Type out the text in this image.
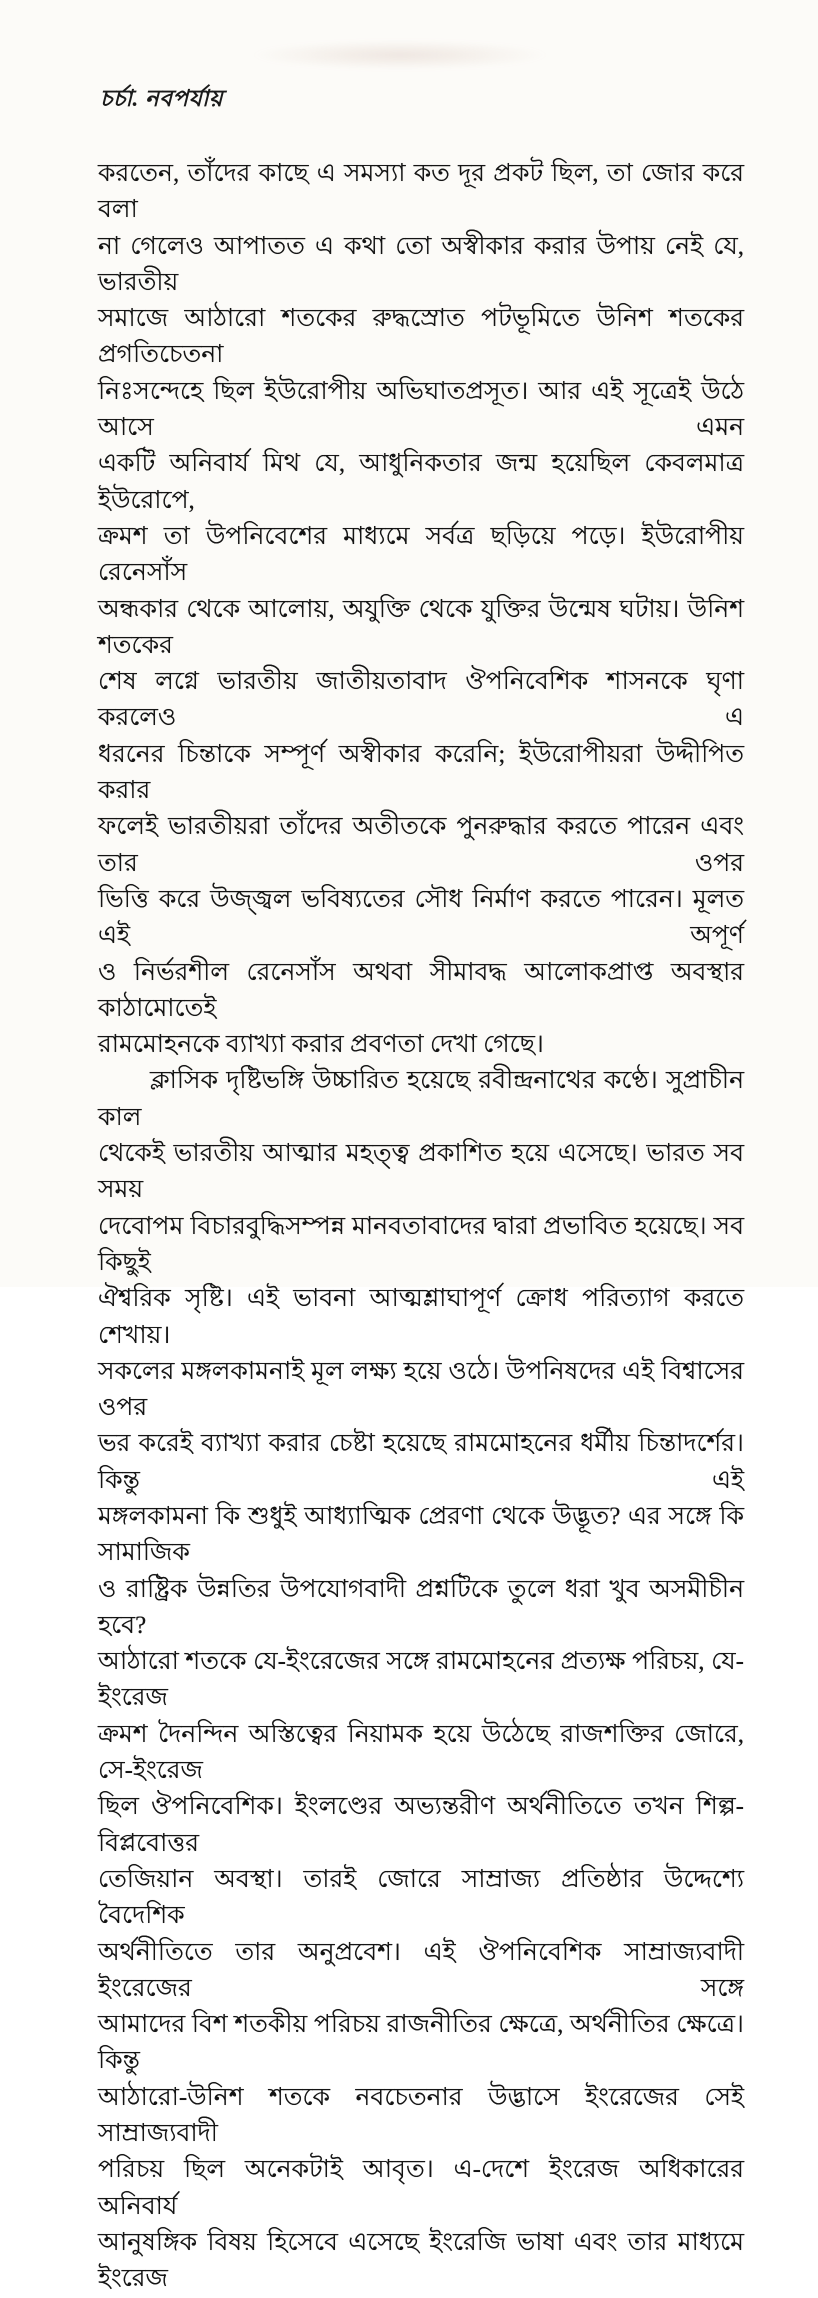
চর্চা. নবপর্যায়
করতেন, তাঁদের কাছে এ সমস্যা কত দূর প্রকট ছিল, তা জোর করে বলা
না গেলেও আপাতত এ কথা তো অস্বীকার করার উপায় নেই যে, ভারতীয়
সমাজে আঠারো শতকের রুদ্ধস্রোত পটভূমিতে উনিশ শতকের প্রগতিচেতনা
নিঃসন্দেহে ছিল ইউরোপীয় অভিঘাতপ্রসূত। আর এই সূত্রেই উঠে আসে এমন
একটি অনিবার্য মিথ যে, আধুনিকতার জন্ম হয়েছিল কেবলমাত্র ইউরোপে,
ক্রমশ তা উপনিবেশের মাধ্যমে সর্বত্র ছড়িয়ে পড়ে। ইউরোপীয় রেনেসাঁস
অন্ধকার থেকে আলোয়, অযুক্তি থেকে যুক্তির উন্মেষ ঘটায়। উনিশ শতকের
শেষ লগ্নে ভারতীয় জাতীয়তাবাদ ঔপনিবেশিক শাসনকে ঘৃণা করলেও এ
ধরনের চিন্তাকে সম্পূর্ণ অস্বীকার করেনি; ইউরোপীয়রা উদ্দীপিত করার
ফলেই ভারতীয়রা তাঁদের অতীতকে পুনরুদ্ধার করতে পারেন এবং তার ওপর
ভিত্তি করে উজ্জ্বল ভবিষ্যতের সৌধ নির্মাণ করতে পারেন। মূলত এই অপূর্ণ
ও নির্ভরশীল রেনেসাঁস অথবা সীমাবদ্ধ আলোকপ্রাপ্ত অবস্থার কাঠামোতেই
রামমোহনকে ব্যাখ্যা করার প্রবণতা দেখা গেছে।
ক্লাসিক দৃষ্টিভঙ্গি উচ্চারিত হয়েছে রবীন্দ্রনাথের কণ্ঠে। সুপ্রাচীন কাল
থেকেই ভারতীয় আত্মার মহত্ত্ব প্রকাশিত হয়ে এসেছে। ভারত সব সময়
দেবোপম বিচারবুদ্ধিসম্পন্ন মানবতাবাদের দ্বারা প্রভাবিত হয়েছে। সব কিছুই
ঐশ্বরিক সৃষ্টি। এই ভাবনা আত্মশ্লাঘাপূর্ণ ক্রোধ পরিত্যাগ করতে শেখায়।
সকলের মঙ্গলকামনাই মূল লক্ষ্য হয়ে ওঠে। উপনিষদের এই বিশ্বাসের ওপর
ভর করেই ব্যাখ্যা করার চেষ্টা হয়েছে রামমোহনের ধর্মীয় চিন্তাদর্শের। কিন্তু এই
মঙ্গলকামনা কি শুধুই আধ্যাত্মিক প্রেরণা থেকে উদ্ভূত? এর সঙ্গে কি সামাজিক
ও রাষ্ট্রিক উন্নতির উপযোগবাদী প্রশ্নটিকে তুলে ধরা খুব অসমীচীন হবে?
আঠারো শতকে যে-ইংরেজের সঙ্গে রামমোহনের প্রত্যক্ষ পরিচয়, যে-ইংরেজ
ক্রমশ দৈনন্দিন অস্তিত্বের নিয়ামক হয়ে উঠেছে রাজশক্তির জোরে, সে-ইংরেজ
ছিল ঔপনিবেশিক। ইংলণ্ডের অভ্যন্তরীণ অর্থনীতিতে তখন শিল্প-বিপ্লবোত্তর
তেজিয়ান অবস্থা। তারই জোরে সাম্রাজ্য প্রতিষ্ঠার উদ্দেশ্যে বৈদেশিক
অর্থনীতিতে তার অনুপ্রবেশ। এই ঔপনিবেশিক সাম্রাজ্যবাদী ইংরেজের সঙ্গে
আমাদের বিশ শতকীয় পরিচয় রাজনীতির ক্ষেত্রে, অর্থনীতির ক্ষেত্রে। কিন্তু
আঠারো-উনিশ শতকে নবচেতনার উদ্ভাসে ইংরেজের সেই সাম্রাজ্যবাদী
পরিচয় ছিল অনেকটাই আবৃত। এ-দেশে ইংরেজ অধিকারের অনিবার্য
আনুষঙ্গিক বিষয় হিসেবে এসেছে ইংরেজি ভাষা এবং তার মাধ্যমে ইংরেজ
